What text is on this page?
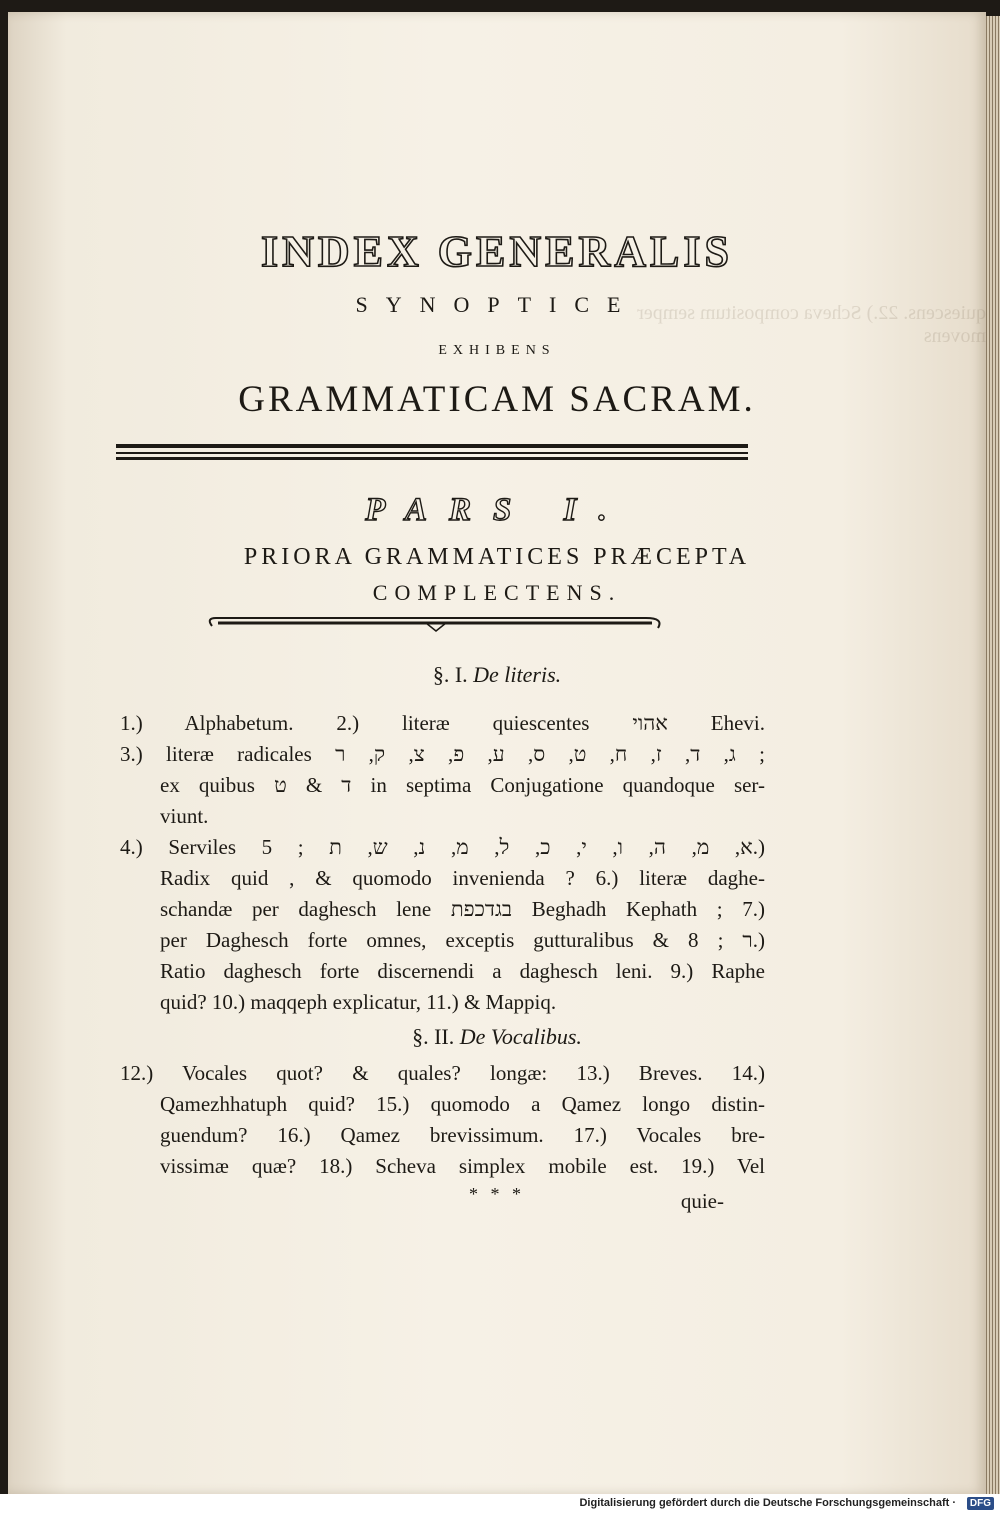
quiescens. 22.) Scheva compositum semper movens
INDEX GENERALIS
SYNOPTICE
EXHIBENS
GRAMMATICAM SACRAM.
PARS I.
PRIORA GRAMMATICES PRÆCEPTA
COMPLECTENS.
§. I. De literis.
1.) Alphabetum. 2.) literæ quiescentes אהוי Ehevi.
3.) literæ radicales ג, ד, ז, ח, ט, ס, ע, פ, צ, ק, ר ;
ex quibus ד & ט in septima Conjugatione quandoque ser-
viunt.
4.) Serviles א, מ, ה, ו, י, כ, ל, מ, נ, ש, ת ; 5.)
Radix quid , & quomodo invenienda ? 6.) literæ daghe-
schandæ per daghesch lene בגדכפת Beghadh Kephath ; 7.)
per Daghesch forte omnes, exceptis gutturalibus & ר ; 8.)
Ratio daghesch forte discernendi a daghesch leni. 9.) Raphe
quid? 10.) maqqeph explicatur, 11.) & Mappiq.
§. II. De Vocalibus.
12.) Vocales quot? & quales? longæ: 13.) Breves. 14.)
Qamezhhatuph quid? 15.) quomodo a Qamez longo distin-
guendum? 16.) Qamez brevissimum. 17.) Vocales bre-
vissimæ quæ? 18.) Scheva simplex mobile est. 19.) Vel
* * *	quie-
Digitalisierung gefördert durch die Deutsche Forschungsgemeinschaft ·	DFG
